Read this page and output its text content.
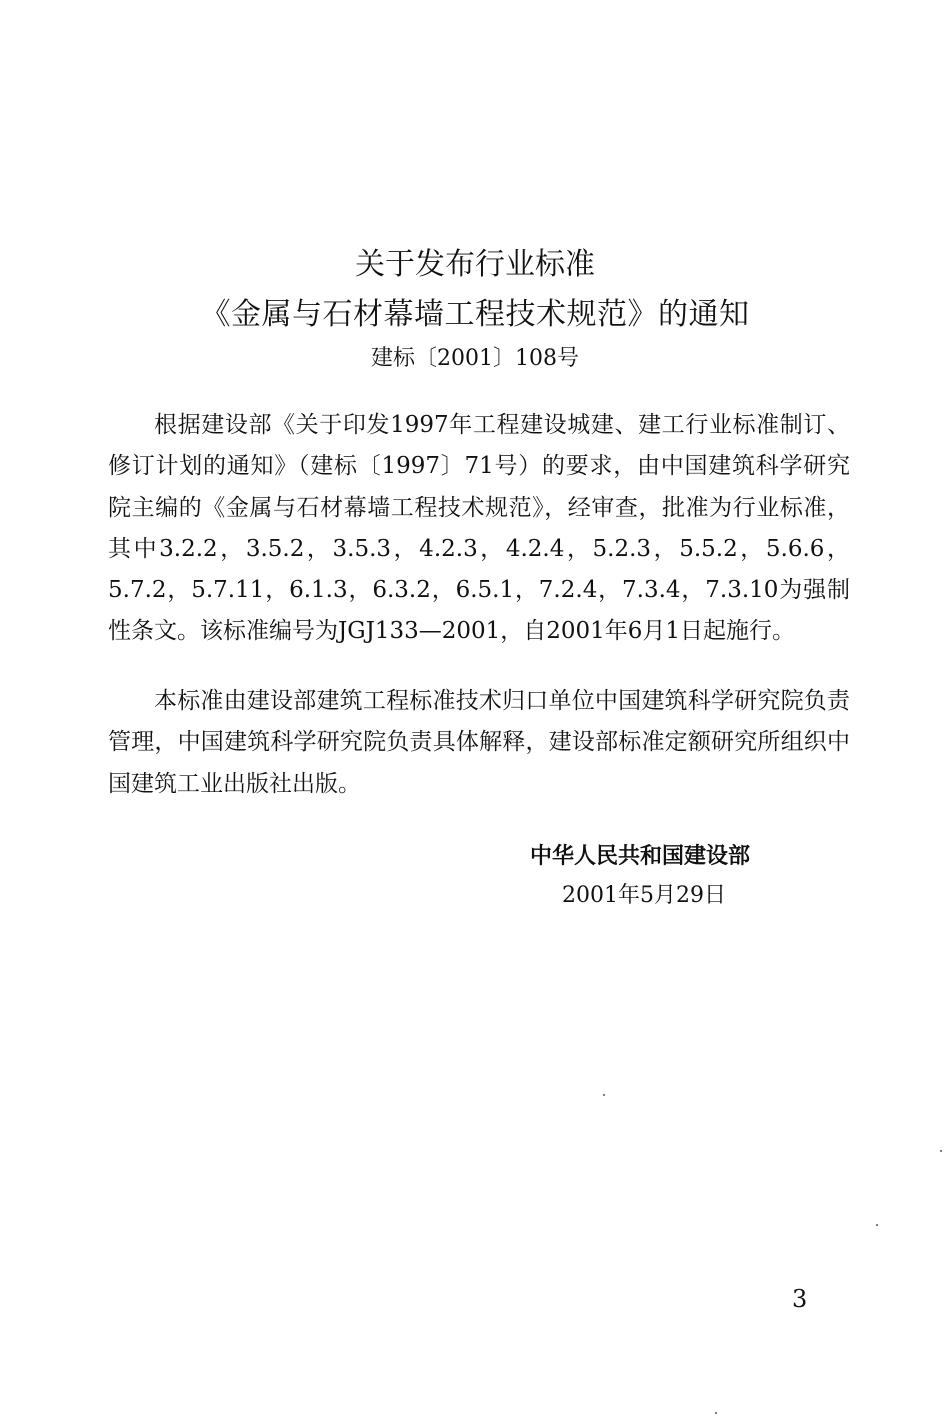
关于发布行业标准
《金属与石材幕墙工程技术规范》的通知
建标〔2001〕108号
根据建设部《关于印发1997年工程建设城建、建工行业标准制订、修订计划的通知》（建标〔1997〕71号）的要求，由中国建筑科学研究院主编的《金属与石材幕墙工程技术规范》，经审查，批准为行业标准，其中3.2.2，3.5.2，3.5.3，4.2.3，4.2.4，5.2.3，5.5.2，5.6.6，5.7.2，5.7.11，6.1.3，6.3.2，6.5.1，7.2.4，7.3.4，7.3.10为强制性条文。该标准编号为JGJ133—2001，自2001年6月1日起施行。
本标准由建设部建筑工程标准技术归口单位中国建筑科学研究院负责管理，中国建筑科学研究院负责具体解释，建设部标准定额研究所组织中国建筑工业出版社出版。
中华人民共和国建设部
2001年5月29日
3
